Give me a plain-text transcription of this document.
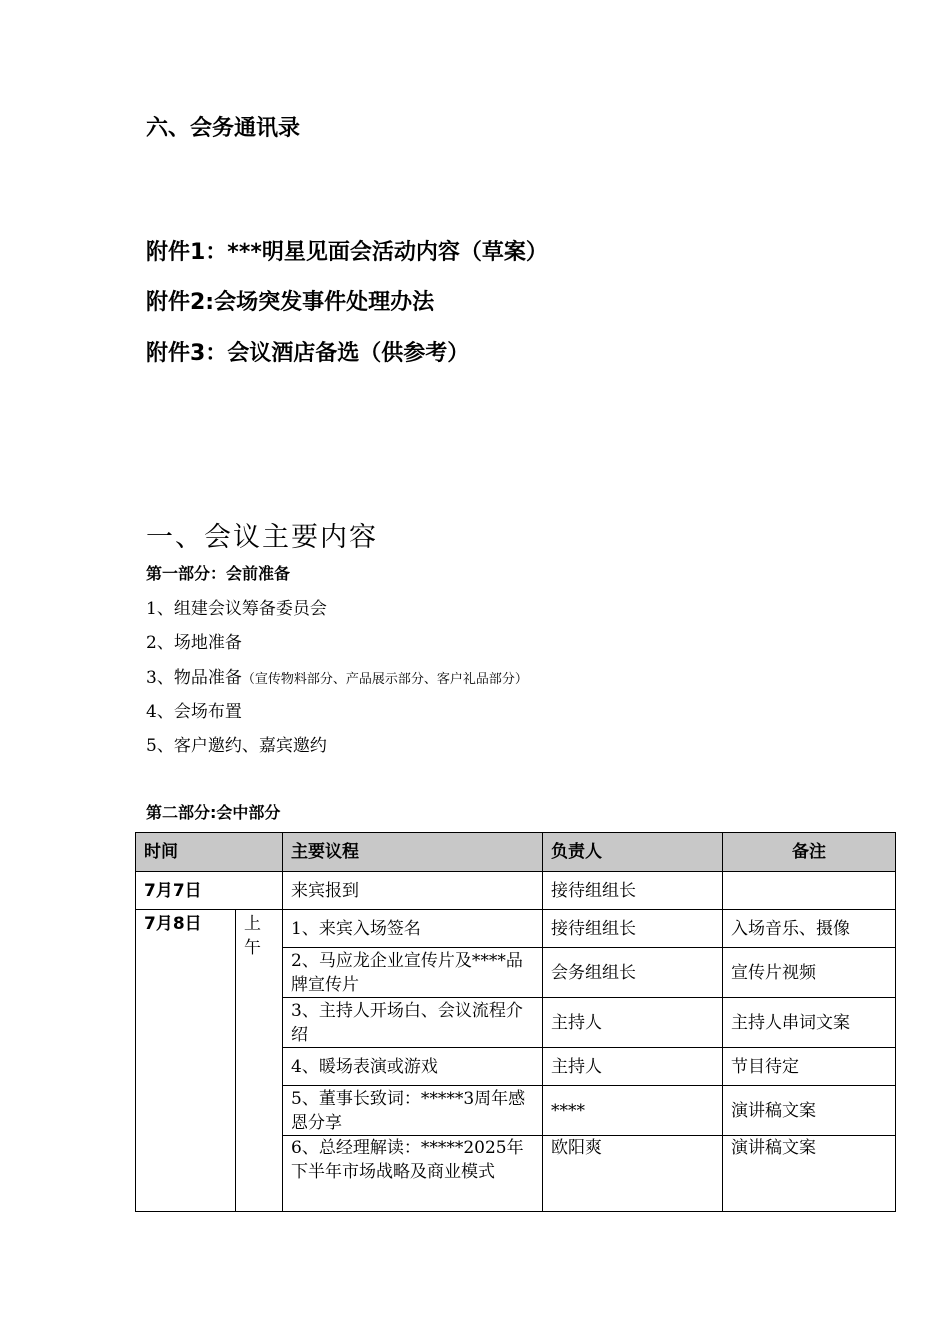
六、会务通讯录
附件1：***明星见面会活动内容（草案）
附件2:会场突发事件处理办法
附件3：会议酒店备选（供参考）
一、会议主要内容
第一部分：会前准备
1、组建会议筹备委员会
2、场地准备
3、物品准备（宣传物料部分、产品展示部分、客户礼品部分）
4、会场布置
5、客户邀约、嘉宾邀约
第二部分:会中部分
时间		主要议程	负责人	备注
7月7日		来宾报到	接待组组长	
7月8日	上午	1、来宾入场签名	接待组组长	入场音乐、摄像
		2、马应龙企业宣传片及****品牌宣传片	会务组组长	宣传片视频
		3、主持人开场白、会议流程介绍	主持人	主持人串词文案
		4、暖场表演或游戏	主持人	节目待定
		5、董事长致词：*****3周年感恩分享	****	演讲稿文案
		6、总经理解读：*****2025年下半年市场战略及商业模式	欧阳爽	演讲稿文案
